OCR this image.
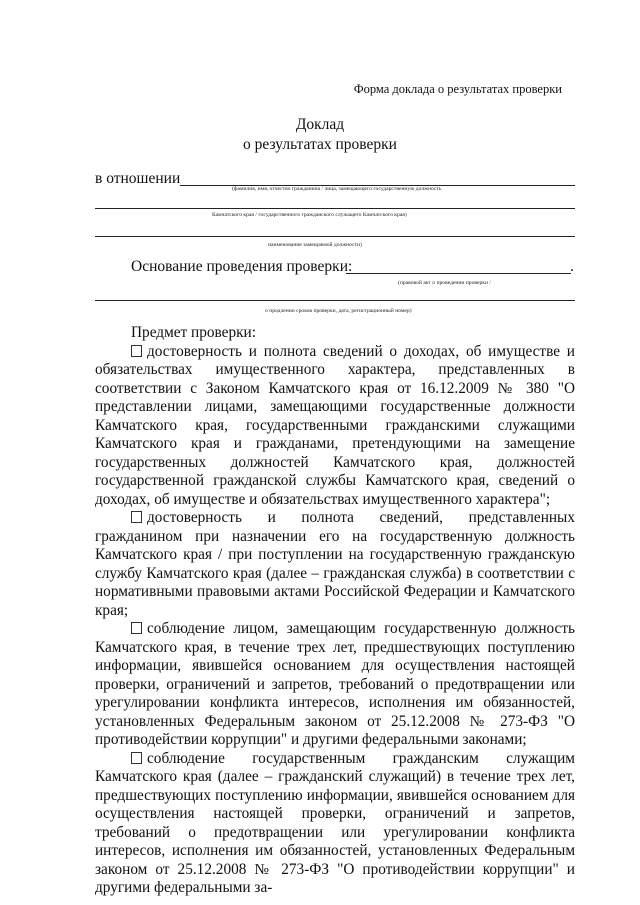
Форма доклада о результатах проверки
Доклад
о результатах проверки
в отношении
(фамилия, имя, отчество гражданина / лица, замещающего государственную должность
Камчатского края / государственного гражданского служащего Камчатского края)
наименование замещаемой должности)
Основание проведения проверки:	.
(правовой акт о проведении проверки /
о продлении сроков проверки, дата, регистрационный номер)

Предмет проверки:

достоверность и полнота сведений о доходах, об имуществе и обязательствах имущественного характера, представленных в соответствии с Законом Камчатского края от 16.12.2009 № 380 "О представлении лицами, замещающими государственные должности Камчатского края, государственными гражданскими служащими Камчатского края и гражданами, претендующими на замещение государственных должностей Камчатского края, должностей государственной гражданской службы Камчатского края, сведений о доходах, об имуществе и обязательствах имущественного характера";

достоверность и полнота сведений, представленных гражданином при назначении его на государственную должность Камчатского края / при поступлении на государственную гражданскую службу Камчатского края (далее – гражданская служба) в соответствии с нормативными правовыми актами Российской Федерации и Камчатского края;

соблюдение лицом, замещающим государственную должность Камчатского края, в течение трех лет, предшествующих поступлению информации, явившейся основанием для осуществления настоящей проверки, ограничений и запретов, требований о предотвращении или урегулировании конфликта интересов, исполнения им обязанностей, установленных Федеральным законом от 25.12.2008 № 273-ФЗ "О противодействии коррупции" и другими федеральными законами;

соблюдение государственным гражданским служащим Камчатского края (далее – гражданский служащий) в течение трех лет, предшествующих поступлению информации, явившейся основанием для осуществления настоящей проверки, ограничений и запретов, требований о предотвращении или урегулировании конфликта интересов, исполнения им обязанностей, установленных Федеральным законом от 25.12.2008 № 273-ФЗ "О противодействии коррупции" и другими федеральными за-
